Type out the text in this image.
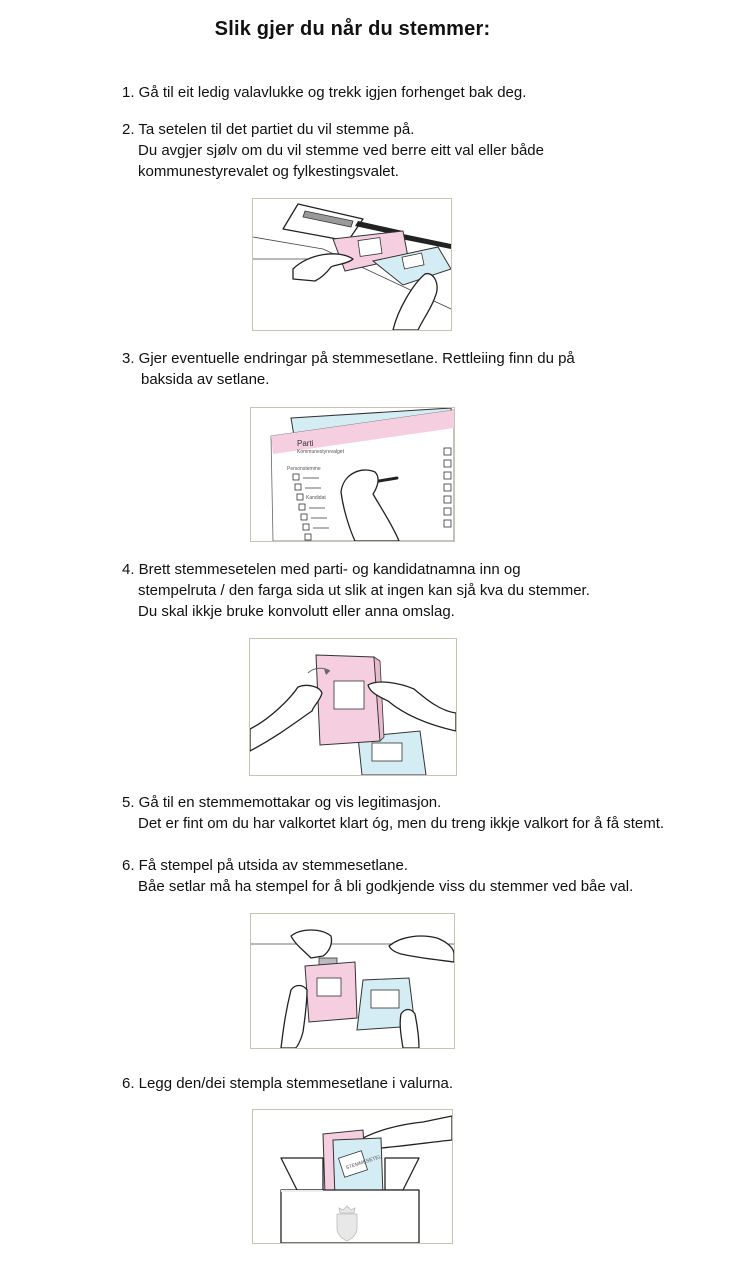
Slik gjer du når du stemmer:
1. Gå til eit ledig valavlukke og trekk igjen forhenget bak deg.
2. Ta setelen til det partiet du vil stemme på.
Du avgjer sjølv om du vil stemme ved berre eitt val eller både
kommunestyrevalet og fylkestingsvalet.
3. Gjer eventuelle endringar på stemmesetlane. Rettleiing finn du på
baksida av setlane.
Parti
Kommunestyrevalget
Personstemme
Kandidat
4. Brett stemmesetelen med parti- og kandidatnamna inn og
stempelruta / den farga sida ut slik at ingen kan sjå kva du stemmer.
Du skal ikkje bruke konvolutt eller anna omslag.
5. Gå til en stemmemottakar og vis legitimasjon.
Det er fint om du har valkortet klart óg, men du treng ikkje valkort for å få stemt.
6. Få stempel på utsida av stemmesetlane.
Båe setlar må ha stempel for å bli godkjende viss du stemmer ved båe val.
6. Legg den/dei stempla stemmesetlane i valurna.
STEMMESETEL
